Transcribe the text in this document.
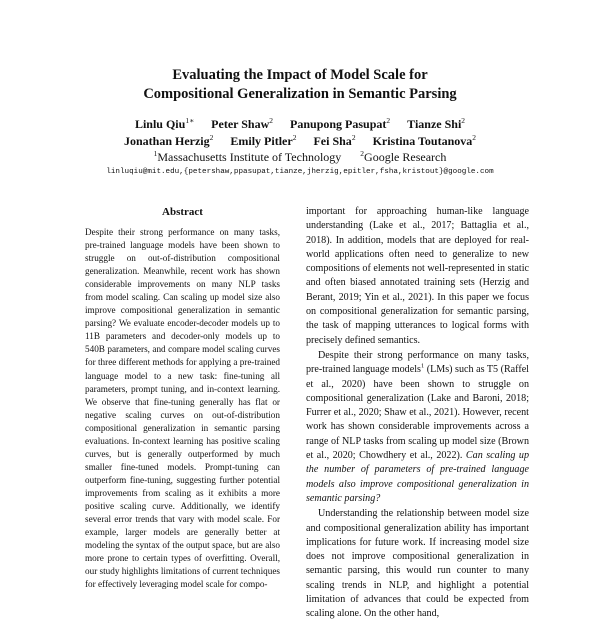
Evaluating the Impact of Model Scale for
Compositional Generalization in Semantic Parsing
Linlu Qiu$^{1∗}$ Peter Shaw$^2$ Panupong Pasupat$^2$ Tianze Shi$^2$
Jonathan Herzig$^2$ Emily Pitler$^2$ Fei Sha$^2$ Kristina Toutanova$^2$
$^1$Massachusetts Institute of Technology	$^2$Google Research
linluqiu@mit.edu,{petershaw,ppasupat,tianze,jherzig,epitler,fsha,kristout}@google.com
Abstract
Despite their strong performance on many tasks, pre-trained language models have been shown to struggle on out-of-distribution compositional generalization. Meanwhile, recent work has shown considerable improvements on many NLP tasks from model scaling. Can scaling up model size also improve compositional generalization in semantic parsing? We evaluate encoder-decoder models up to 11B parameters and decoder-only models up to 540B parameters, and compare model scaling curves for three different methods for applying a pre-trained language model to a new task: fine-tuning all parameters, prompt tuning, and in-context learning. We observe that fine-tuning generally has flat or negative scaling curves on out-of-distribution compositional generalization in semantic parsing evaluations. In-context learning has positive scaling curves, but is generally outperformed by much smaller fine-tuned models. Prompt-tuning can outperform fine-tuning, suggesting further potential improvements from scaling as it exhibits a more positive scaling curve. Additionally, we identify several error trends that vary with model scale. For example, larger models are generally better at modeling the syntax of the output space, but are also more prone to certain types of overfitting. Overall, our study highlights limitations of current techniques for effectively leveraging model scale for compo-

important for approaching human-like language understanding (Lake et al., 2017; Battaglia et al., 2018). In addition, models that are deployed for real-world applications often need to generalize to new compositions of elements not well-represented in static and often biased annotated training sets (Herzig and Berant, 2019; Yin et al., 2021). In this paper we focus on compositional generalization for semantic parsing, the task of mapping utterances to logical forms with precisely defined semantics.

Despite their strong performance on many tasks, pre-trained language models$^1$ (LMs) such as T5 (Raffel et al., 2020) have been shown to struggle on compositional generalization (Lake and Baroni, 2018; Furrer et al., 2020; Shaw et al., 2021). However, recent work has shown considerable improvements across a range of NLP tasks from scaling up model size (Brown et al., 2020; Chowdhery et al., 2022). Can scaling up the number of parameters of pre-trained language models also improve compositional generalization in semantic parsing?

Understanding the relationship between model size and compositional generalization ability has important implications for future work. If increasing model size does not improve compositional generalization in semantic parsing, this would run counter to many scaling trends in NLP, and highlight a potential limitation of advances that could be expected from scaling alone. On the other hand,
